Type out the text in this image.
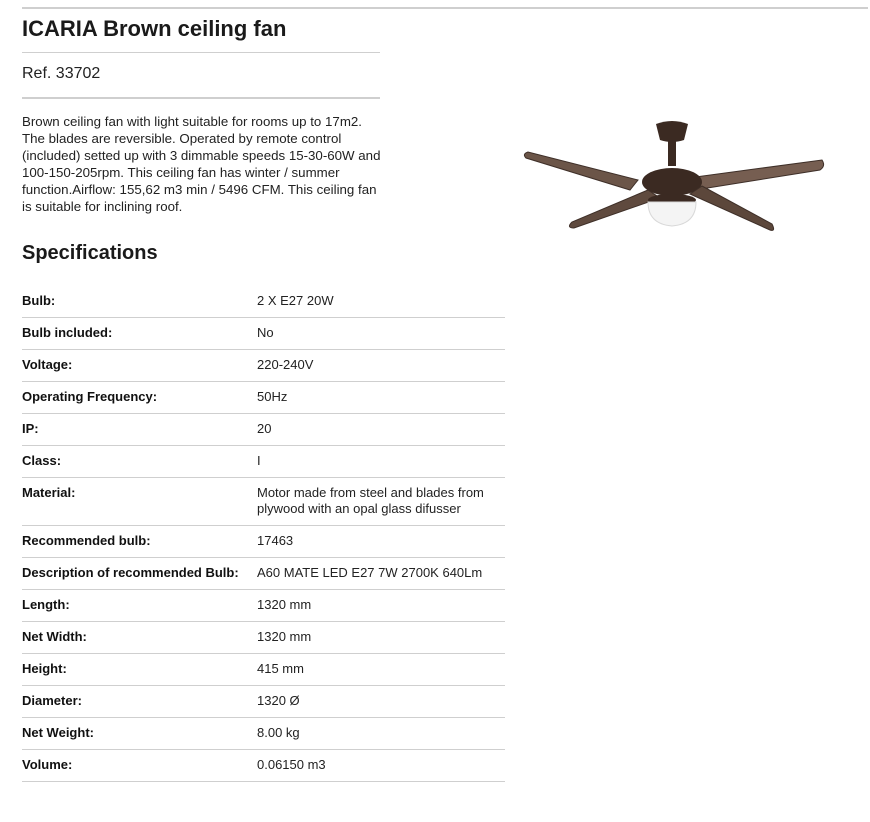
ICARIA Brown ceiling fan
Ref. 33702

Brown ceiling fan with light suitable for rooms up to 17m2. The blades are reversible. Operated by remote control (included) setted up with 3 dimmable speeds 15-30-60W and 100-150-205rpm. This ceiling fan has winter / summer function.Airflow: 155,62 m3 min / 5496 CFM. This ceiling fan is suitable for inclining roof.

Specifications
Bulb:	2 X E27 20W
Bulb included:	No
Voltage:	220-240V
Operating Frequency:	50Hz
IP:	20
Class:	I
Material:	Motor made from steel and blades from plywood with an opal glass difusser
Recommended bulb:	17463
Description of recommended Bulb:	A60 MATE LED E27 7W 2700K 640Lm
Length:	1320 mm
Net Width:	1320 mm
Height:	415 mm
Diameter:	1320 Ø
Net Weight:	8.00 kg
Volume:	0.06150 m3
